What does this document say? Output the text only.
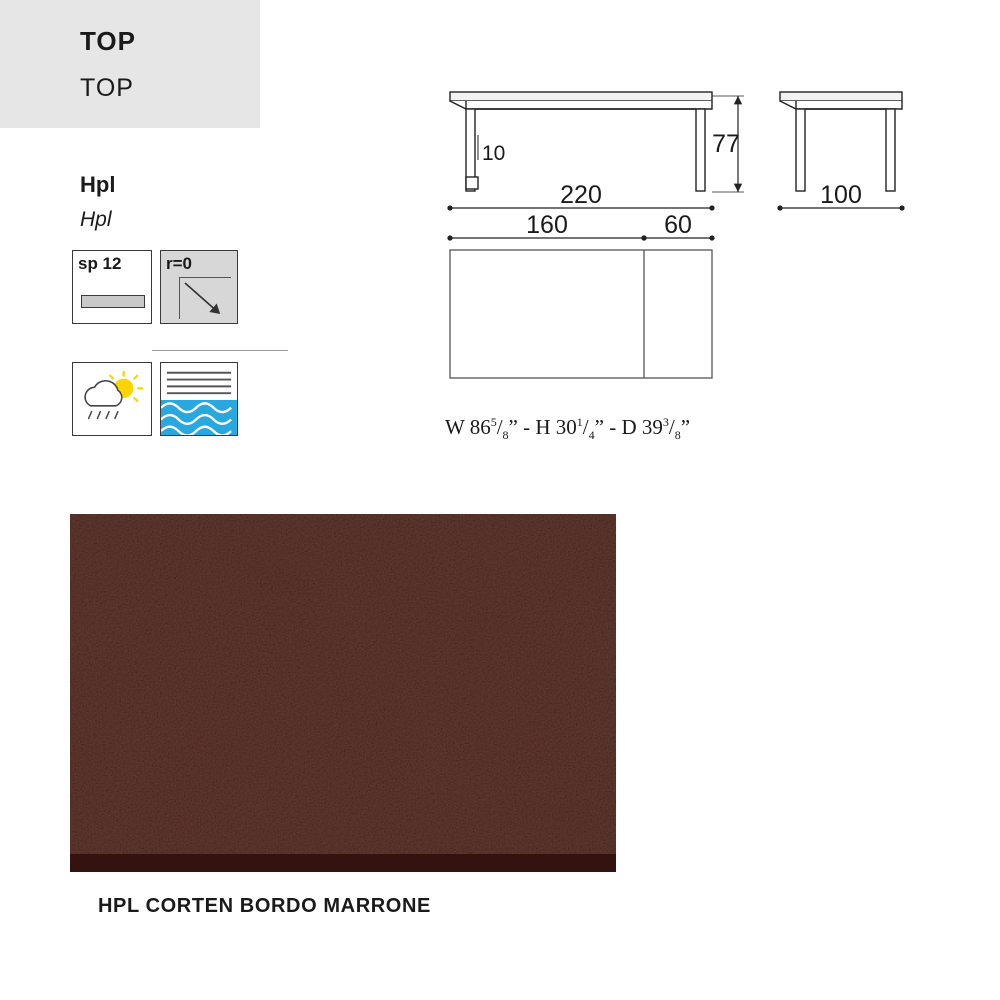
TOP
TOP
Hpl
Hpl
sp 12	r=0
10	77
220	100
160	60
W $86^5/_8$” - H $30^1/_4$” - D $39^3/_8$”
HPL CORTEN BORDO MARRONE
